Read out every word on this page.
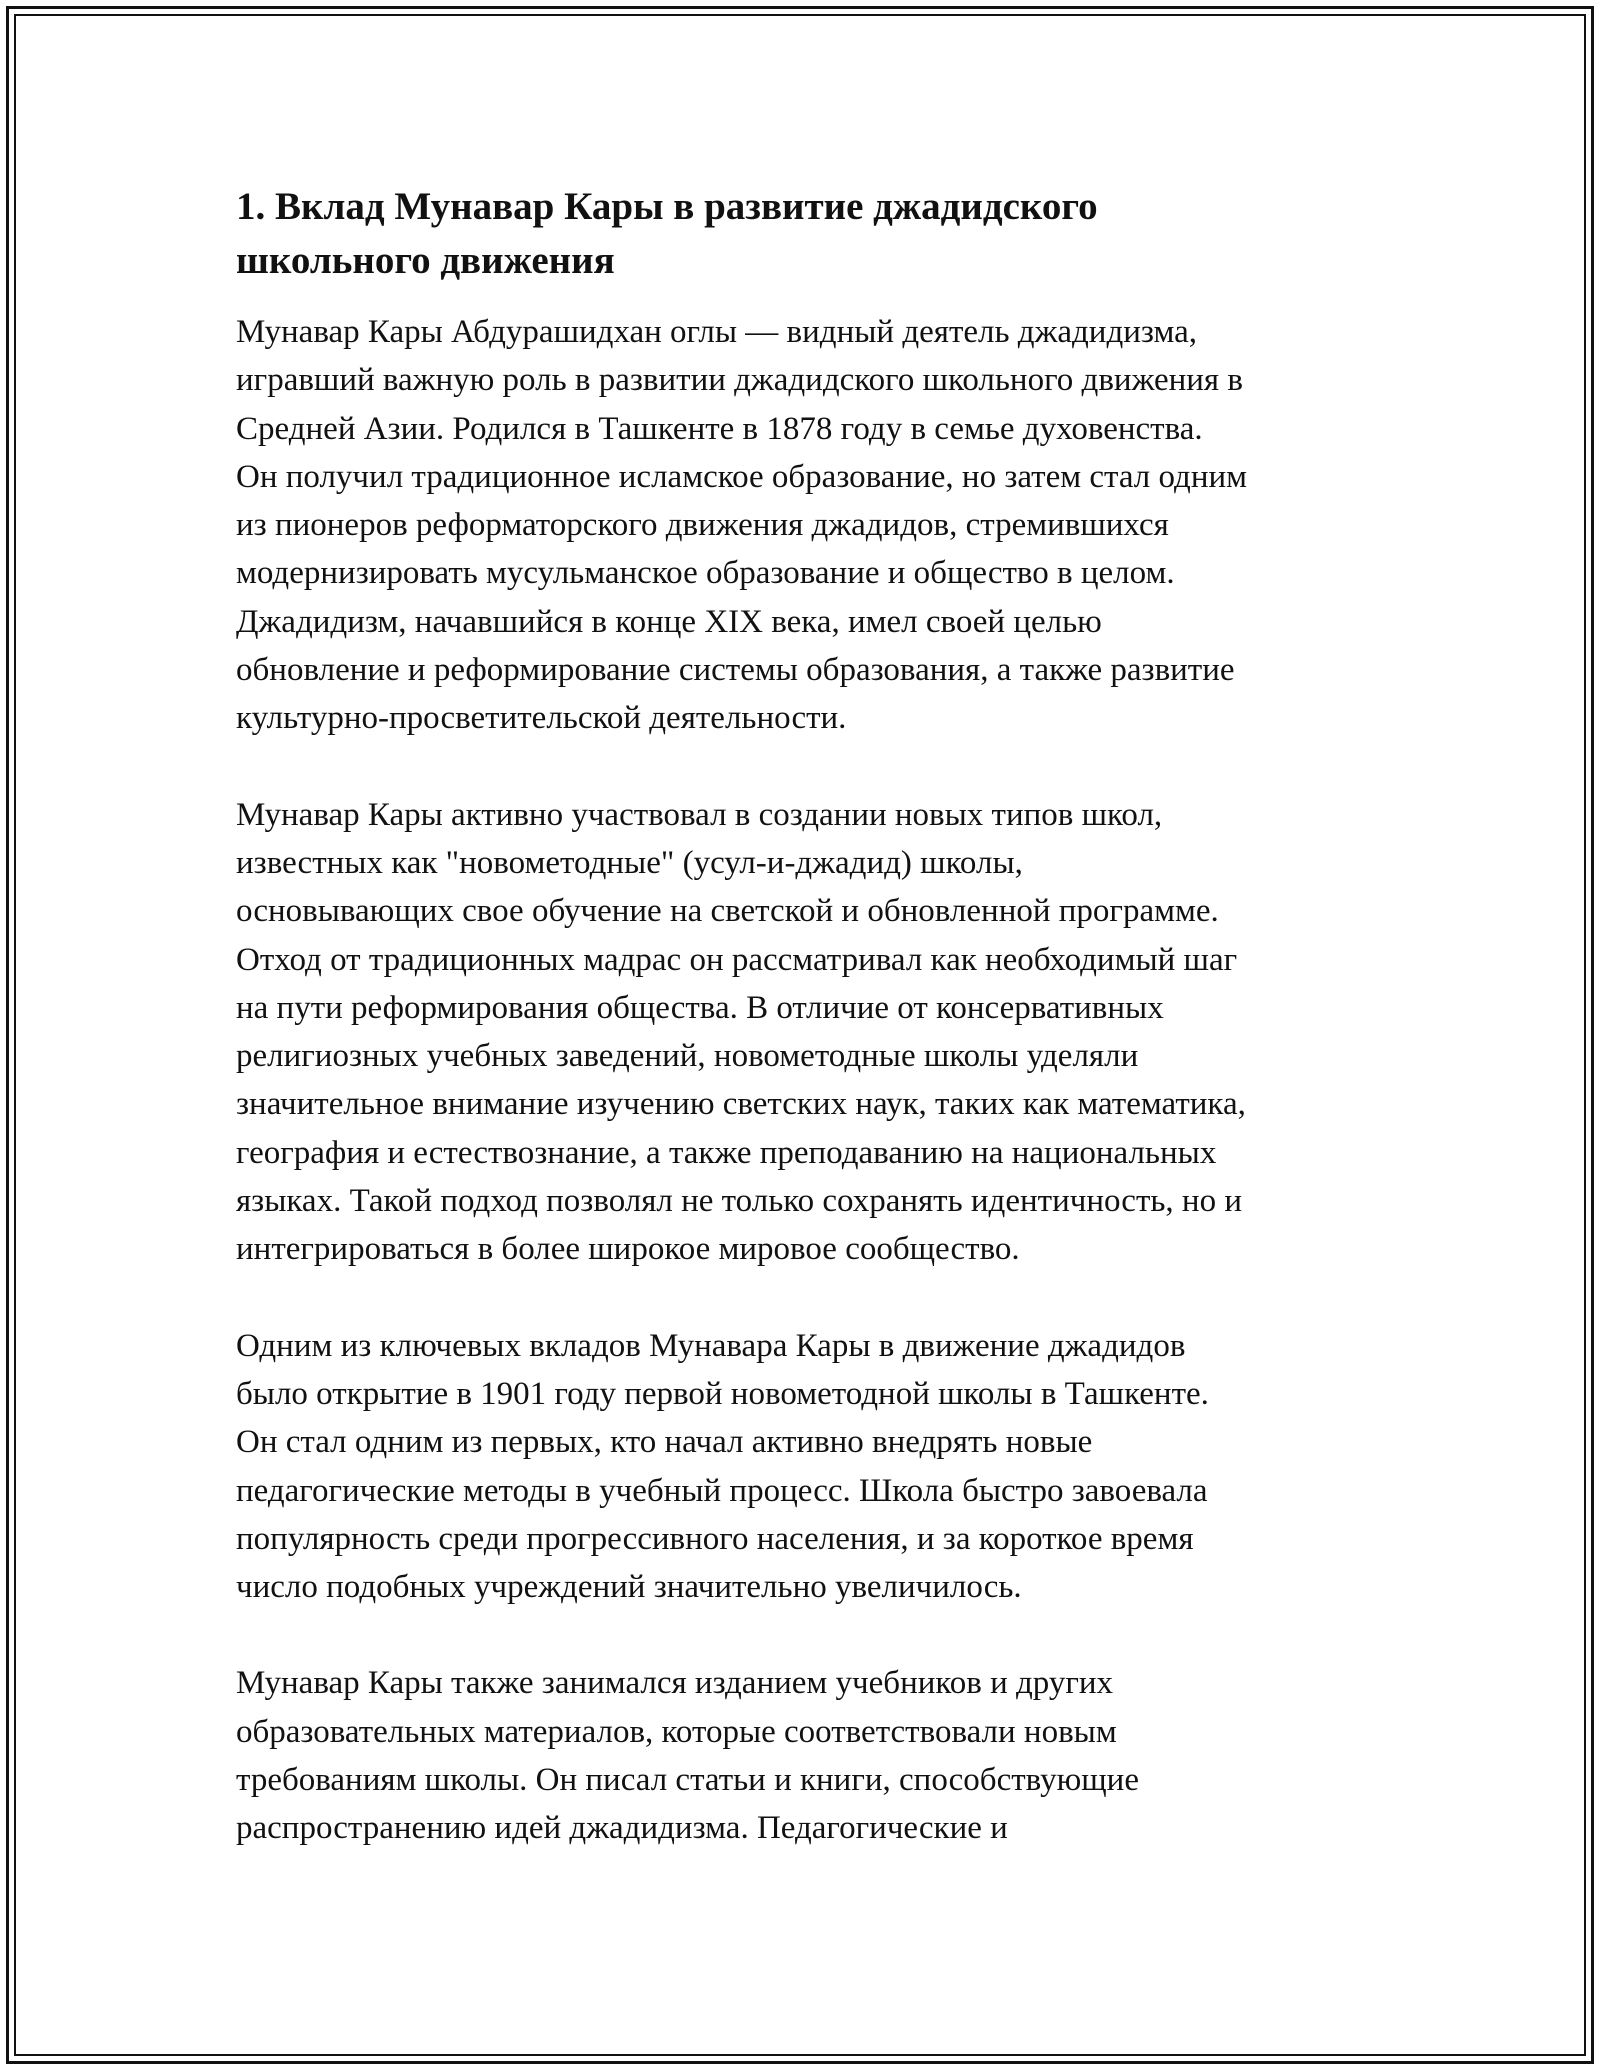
1. Вклад Мунавар Кары в развитие джадидского
школьного движения

Мунавар Кары Абдурашидхан оглы — видный деятель джадидизма,
игравший важную роль в развитии джадидского школьного движения в
Средней Азии. Родился в Ташкенте в 1878 году в семье духовенства.
Он получил традиционное исламское образование, но затем стал одним
из пионеров реформаторского движения джадидов, стремившихся
модернизировать мусульманское образование и общество в целом.
Джадидизм, начавшийся в конце XIX века, имел своей целью
обновление и реформирование системы образования, а также развитие
культурно-просветительской деятельности.

Мунавар Кары активно участвовал в создании новых типов школ,
известных как "новометодные" (усул-и-джадид) школы,
основывающих свое обучение на светской и обновленной программе.
Отход от традиционных мадрас он рассматривал как необходимый шаг
на пути реформирования общества. В отличие от консервативных
религиозных учебных заведений, новометодные школы уделяли
значительное внимание изучению светских наук, таких как математика,
география и естествознание, а также преподаванию на национальных
языках. Такой подход позволял не только сохранять идентичность, но и
интегрироваться в более широкое мировое сообщество.

Одним из ключевых вкладов Мунавара Кары в движение джадидов
было открытие в 1901 году первой новометодной школы в Ташкенте.
Он стал одним из первых, кто начал активно внедрять новые
педагогические методы в учебный процесс. Школа быстро завоевала
популярность среди прогрессивного населения, и за короткое время
число подобных учреждений значительно увеличилось.

Мунавар Кары также занимался изданием учебников и других
образовательных материалов, которые соответствовали новым
требованиям школы. Он писал статьи и книги, способствующие
распространению идей джадидизма. Педагогические и
